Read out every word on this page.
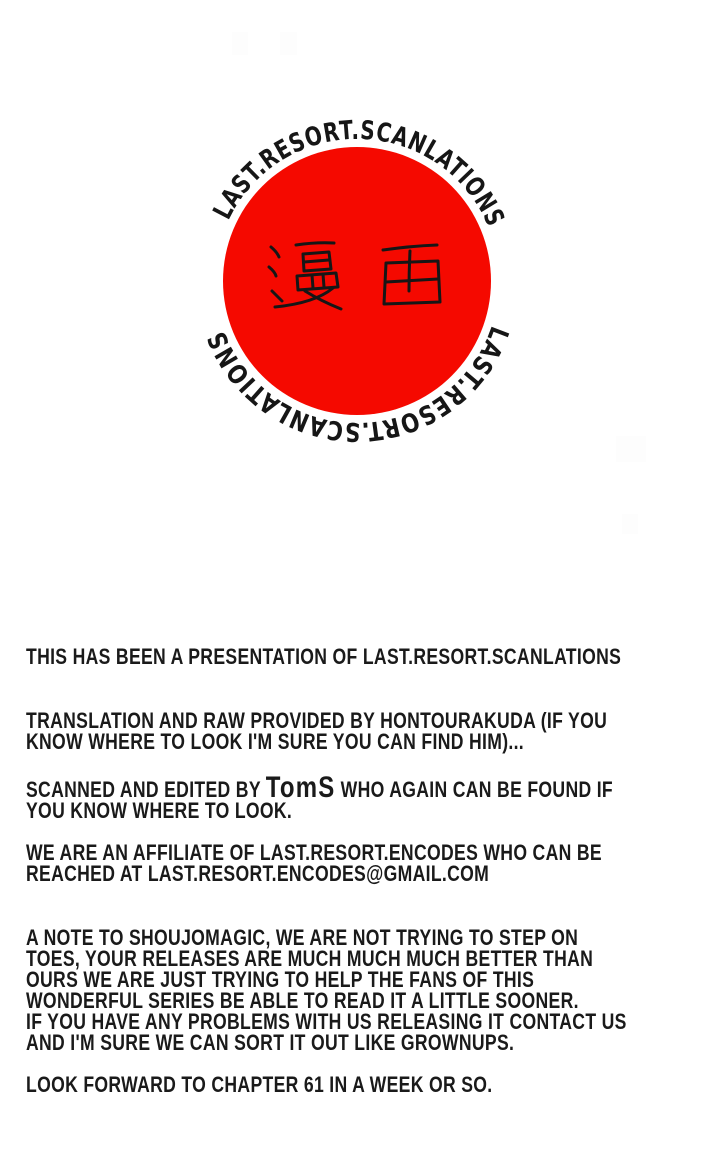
LAST.RESORT.SCANLATIONS
LAST.RESORT.SCANLATIONS
THIS HAS BEEN A PRESENTATION OF LAST.RESORT.SCANLATIONS
TRANSLATION AND RAW PROVIDED BY HONTOURAKUDA (IF YOU
KNOW WHERE TO LOOK I'M SURE YOU CAN FIND HIM)...
SCANNED AND EDITED BY TomS WHO AGAIN CAN BE FOUND IF
YOU KNOW WHERE TO LOOK.
WE ARE AN AFFILIATE OF LAST.RESORT.ENCODES WHO CAN BE
REACHED AT LAST.RESORT.ENCODES@GMAIL.COM
A NOTE TO SHOUJOMAGIC, WE ARE NOT TRYING TO STEP ON
TOES, YOUR RELEASES ARE MUCH MUCH MUCH BETTER THAN
OURS WE ARE JUST TRYING TO HELP THE FANS OF THIS
WONDERFUL SERIES BE ABLE TO READ IT A LITTLE SOONER.
IF YOU HAVE ANY PROBLEMS WITH US RELEASING IT CONTACT US
AND I'M SURE WE CAN SORT IT OUT LIKE GROWNUPS.
LOOK FORWARD TO CHAPTER 61 IN A WEEK OR SO.
